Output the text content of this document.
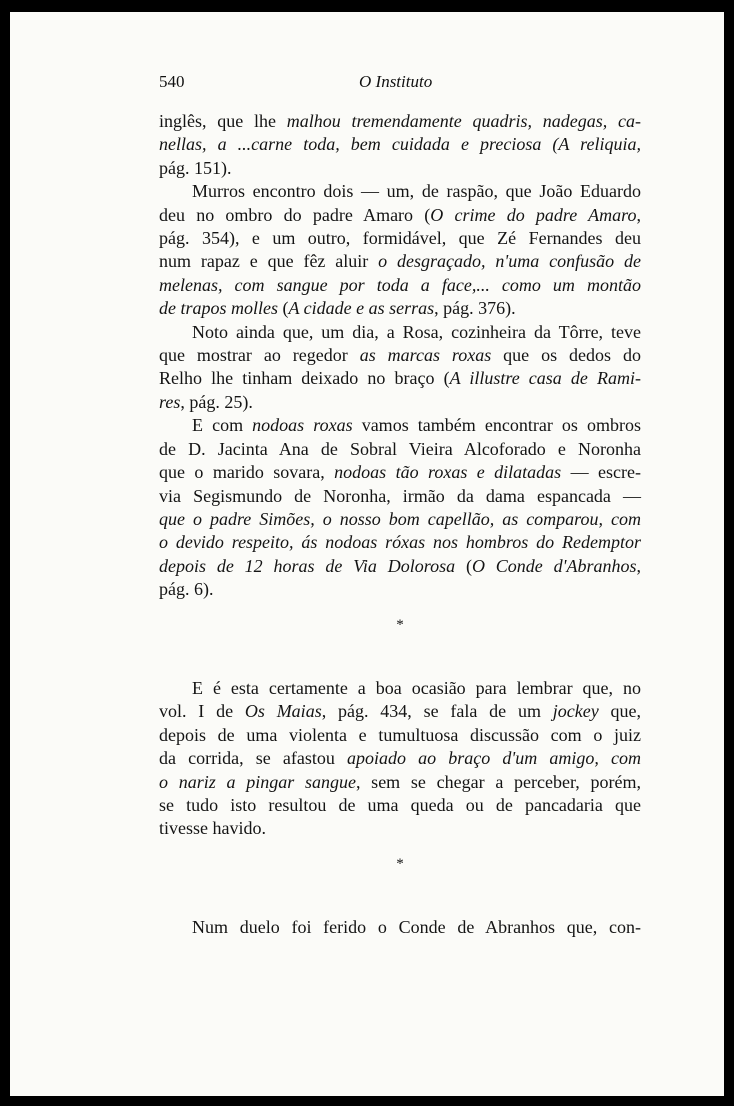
540	O Instituto
inglês, que lhe malhou tremendamente quadris, nadegas, ca-
nellas, a ...carne toda, bem cuidada e preciosa (A reliquia,
pág. 151).
Murros encontro dois — um, de raspão, que João Eduardo
deu no ombro do padre Amaro (O crime do padre Amaro,
pág. 354), e um outro, formidável, que Zé Fernandes deu
num rapaz e que fêz aluir o desgraçado, n'uma confusão de
melenas, com sangue por toda a face,... como um montão
de trapos molles (A cidade e as serras, pág. 376).
Noto ainda que, um dia, a Rosa, cozinheira da Tôrre, teve
que mostrar ao regedor as marcas roxas que os dedos do
Relho lhe tinham deixado no braço (A illustre casa de Rami-
res, pág. 25).
E com nodoas roxas vamos também encontrar os ombros
de D. Jacinta Ana de Sobral Vieira Alcoforado e Noronha
que o marido sovara, nodoas tão roxas e dilatadas — escre-
via Segismundo de Noronha, irmão da dama espancada —
que o padre Simões, o nosso bom capellão, as comparou, com
o devido respeito, ás nodoas róxas nos hombros do Redemptor
depois de 12 horas de Via Dolorosa (O Conde d'Abranhos,
pág. 6).
*
E é esta certamente a boa ocasião para lembrar que, no
vol. I de Os Maias, pág. 434, se fala de um jockey que,
depois de uma violenta e tumultuosa discussão com o juiz
da corrida, se afastou apoiado ao braço d'um amigo, com
o nariz a pingar sangue, sem se chegar a perceber, porém,
se tudo isto resultou de uma queda ou de pancadaria que
tivesse havido.
*
Num duelo foi ferido o Conde de Abranhos que, con-
